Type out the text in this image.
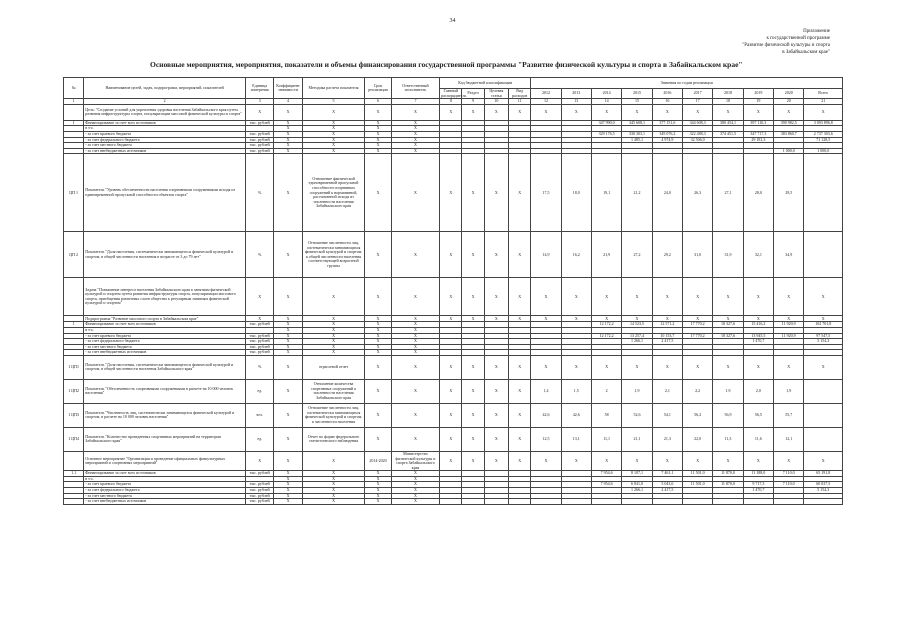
34
Приложение
к государственной программе
"Развитие физической культуры и спорта
в Забайкальском крае"
Основные мероприятия, мероприятия, показатели и объемы финансирования государственной программы "Развитие физической культуры и спорта в Забайкальском крае"
№	Наименование целей, задач, подпрограмм, мероприятий, показателей	Единица измерения	Коэффициент значимости	Методика расчета показателя	Срок реализации	Ответственный исполнитель	Код бюджетной классификации				Значения по годам реализации									
							Главный распорядитель	Раздел	Целевая статья	Вид расходов	2012	2013	2014	2015	2016	2017	2018	2019	2020	Всего
1	2	3	4	5	6	7	8	9	10	11	12	13	14	15	16	17	18	19	20	21
	Цель: "Создание условий для укрепления здоровья населения Забайкальского края путем развития инфраструктуры спорта, популяризации массовой физической культуры и спорта"	X	X	X	X	X	X	X	X	X	X	X	X	X	X	X	X	X	X	X
I	Финансирование за счет всех источников	тыс. рублей	X	X	X	X							347 990,0	345 608,1	377 151,6	344 608,3	380 454,1	397 110,3	390 982,5	3 093 896,8
	в т.ч.		X	X	X	X														
	- за счет краевого бюджета	тыс. рублей	X	X	X	X							329 176,5	330 303,1	349 076,2	322 488,3	374 451,5	347 717,3	383 860,7	2 737 303,6
	- за счет федерального бюджета	тыс. рублей	X	X	X	X								1 485,1	4 974,9	32 506,0		29 181,3		71 128,5
	- за счет местного бюджета	тыс. рублей	X	X	X	X														
	- за счет внебюджетных источников	тыс. рублей	X	X	X	X													1 000,0	1 000,0
ЦП 1	Показатель "Уровень обеспеченности населения спортивными сооружениями исходя из единовременной пропускной способности объектов спорта"	%	X	Отношение фактической единовременной пропускной способности спортивных сооружений к нормативной, рассчитанной исходя из численности населения Забайкальского края	X	X	X	X	X	X	17,5	18,0	19,1	21,2	24,0	26,3	27,1	28,0	29,5	
ЦП 2	Показатель "Доля населения, систематически занимающегося физической культурой и спортом, в общей численности населения в возрасте от 3 до 79 лет"	%	X	Отношение численности лиц, систематически занимающихся физической культурой и спортом, к общей численности населения соответствующей возрастной группы	X	X	X	X	X	X	14,9	16,2	21,9	27,2	29,2	31,0	31,9	32,1	34,9	
	Задача "Повышение интереса населения Забайкальского края к занятиям физической культурой и спортом путем развития инфраструктуры спорта, популяризации массового спорта, приобщения различных слоев общества к регулярным занятиям физической культурой и спортом"	X	X	X	X	X	X	X	X	X	X	X	X	X	X	X	X	X	X	X
	Подпрограмма "Развитие массового спорта в Забайкальском крае"	X	X	X	X	X	X	X	X	X	X	X	X	X	X	X	X	X	X	X
1	Финансирование за счет всех источников	тыс. рублей	X	X	X	X							12 172,2	14 523,5	12 571,2	17 770,2	18 327,6	15 416,2	11 920,9	102 701,8
	в т.ч.		X	X	X	X														
	- за счет краевого бюджета	тыс. рублей	X	X	X	X							12 172,2	13 257,4	10 153,7	17 770,2	18 327,6	13 945,5	11 920,9	97 547,5
	- за счет федерального бюджета	тыс. рублей	X	X	X	X								1 266,1	2 417,5			1 470,7		5 154,3
	- за счет местного бюджета	тыс. рублей	X	X	X	X														
	- за счет внебюджетных источников	тыс. рублей	X	X	X	X														
1 ЦП1	Показатель "Доля населения, систематически занимающегося физической культурой и спортом, в общей численности населения Забайкальского края"	%	X	отраслевой отчет	X	X	X	X	X	X	X	X	X	X	X	X	X	X	X	X
1 ЦП2	Показатель "Обеспеченность спортивными сооружениями в расчете на 10 000 человек населения"	ед.	X	Отношение количества спортивных сооружений к численности населения Забайкальского края	X	X	X	X	X	X	1,4	1,5	2	1,9	2,1	2,2	1,9	2,0	1,9	
1 ЦП3	Показатель "Численность лиц, систематически занимающихся физической культурой и спортом, в расчете на 10 000 человек населения"	чел.	X	Отношение численности лиц, систематически занимающихся физической культурой и спортом, к численности населения	X	X	X	X	X	X	42,6	42,6	58	52,6	54,1	56,2	56,9	56,5	55,7	
1 ЦП4	Показатель "Количество проведенных спортивных мероприятий на территории Забайкальского края"	ед.	X	Отчет по форме федерального статистического наблюдения	X	X	X	X	X	X	12,5	13,1	11,1	21,1	21,3	22,0	11,3	11,6	12,1	
	Основное мероприятие "Организация и проведение официальных физкультурных мероприятий и спортивных мероприятий"	X	X	X	2014-2020	Министерство физической культуры и спорта Забайкальского края	X	X	X	X	X	X	X	X	X	X	X	X	X	X
1.1	Финансирование за счет всех источников	тыс. рублей	X	X	X	X							7 954,6	8 107,1	7 461,1	11 501,0	11 870,0	11 188,0	7 110,0	65 191,8
	в т.ч.		X	X	X	X														
	- за счет краевого бюджета	тыс. рублей	X	X	X	X							7 954,6	6 841,0	5 043,6	11 501,0	11 870,0	9 717,3	7 110,0	60 037,5
	- за счет федерального бюджета	тыс. рублей	X	X	X	X								1 266,1	2 417,5			1 470,7		5 154,3
	- за счет местного бюджета	тыс. рублей	X	X	X	X														
	- за счет внебюджетных источников	тыс. рублей	X	X	X	X														
